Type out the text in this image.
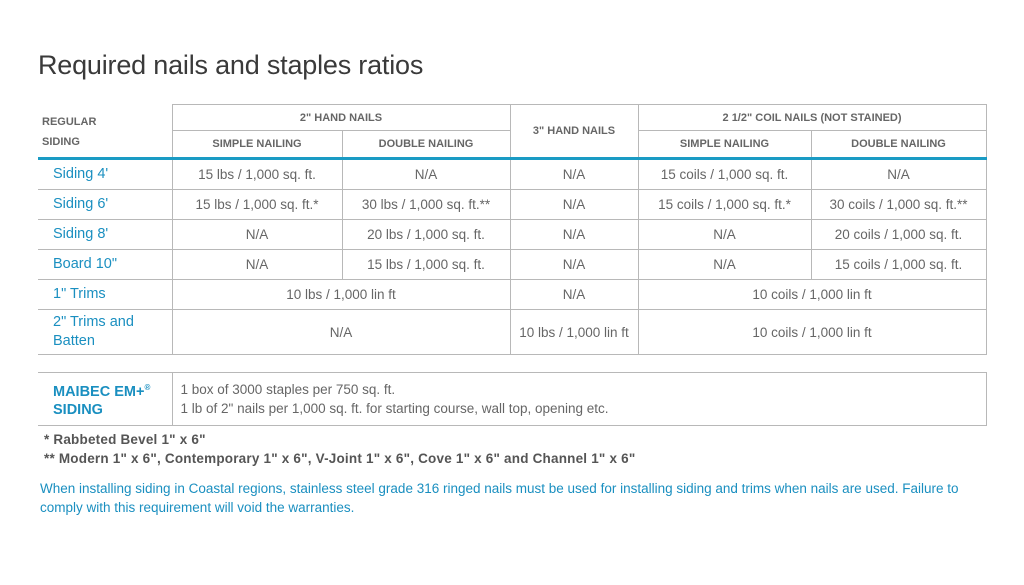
Required nails and staples ratios
REGULAR
SIDING	2" HAND NAILS		3" HAND NAILS	2 1/2" COIL NAILS (NOT STAINED)	
	SIMPLE NAILING	DOUBLE NAILING		SIMPLE NAILING	DOUBLE NAILING
Siding 4'	15 lbs / 1,000 sq. ft.	N/A	N/A	15 coils / 1,000 sq. ft.	N/A
Siding 6'	15 lbs / 1,000 sq. ft.*	30 lbs / 1,000 sq. ft.**	N/A	15 coils / 1,000 sq. ft.*	30 coils / 1,000 sq. ft.**
Siding 8'	N/A	20 lbs / 1,000 sq. ft.	N/A	N/A	20 coils / 1,000 sq. ft.
Board 10"	N/A	15 lbs / 1,000 sq. ft.	N/A	N/A	15 coils / 1,000 sq. ft.
1" Trims	10 lbs / 1,000 lin ft		N/A	10 coils / 1,000 lin ft	
2" Trims and Batten	N/A		10 lbs / 1,000 lin ft	10 coils / 1,000 lin ft	
MAIBEC EM+®
SIDING	
1 box of 3000 staples per 750 sq. ft.
1 lb of 2" nails per 1,000 sq. ft. for starting course, wall top, opening etc.
* Rabbeted Bevel 1" x 6"
** Modern 1" x 6", Contemporary 1" x 6", V-Joint 1" x 6", Cove 1" x 6" and Channel 1" x 6"
When installing siding in Coastal regions, stainless steel grade 316 ringed nails must be used for installing siding and trims when nails are used. Failure to comply with this requirement will void the warranties.
